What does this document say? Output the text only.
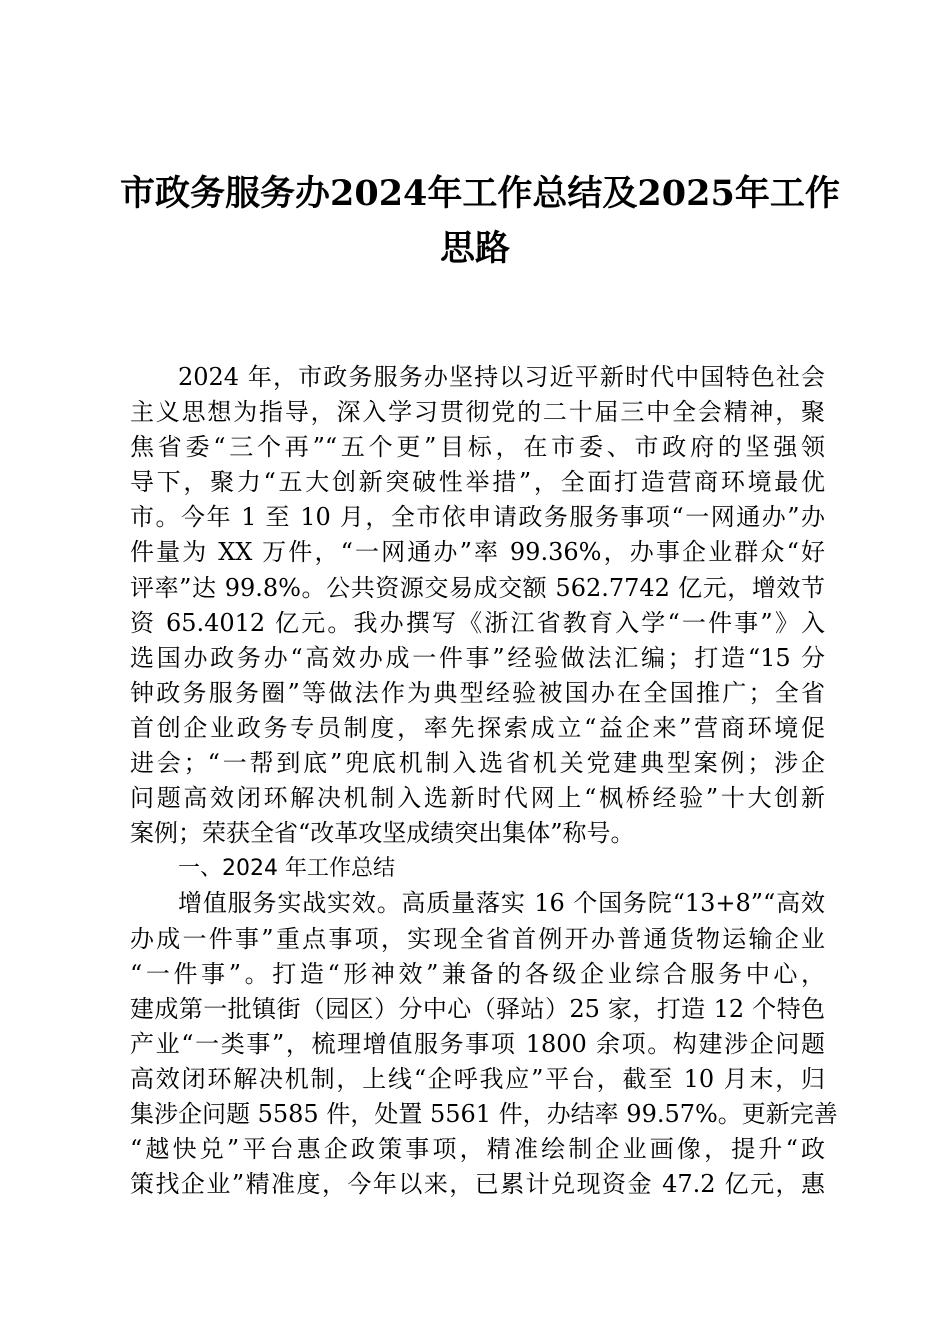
市政务服务办2024年工作总结及2025年工作
思路
2024 年，市政务服务办坚持以习近平新时代中国特色社会
主义思想为指导，深入学习贯彻党的二十届三中全会精神，聚
焦省委“三个再”“五个更”目标，在市委、市政府的坚强领
导下，聚力“五大创新突破性举措”，全面打造营商环境最优
市。今年 1 至 10 月，全市依申请政务服务事项“一网通办”办
件量为 XX 万件，“一网通办”率 99.36%，办事企业群众“好
评率”达 99.8%。公共资源交易成交额 562.7742 亿元，增效节
资 65.4012 亿元。我办撰写《浙江省教育入学“一件事”》入
选国办政务办“高效办成一件事”经验做法汇编；打造“15 分
钟政务服务圈”等做法作为典型经验被国办在全国推广；全省
首创企业政务专员制度，率先探索成立“益企来”营商环境促
进会；“一帮到底”兜底机制入选省机关党建典型案例；涉企
问题高效闭环解决机制入选新时代网上“枫桥经验”十大创新
案例；荣获全省“改革攻坚成绩突出集体”称号。
一、2024 年工作总结
增值服务实战实效。高质量落实 16 个国务院“13+8”“高效
办成一件事”重点事项，实现全省首例开办普通货物运输企业
“一件事”。打造“形神效”兼备的各级企业综合服务中心，
建成第一批镇街（园区）分中心（驿站）25 家，打造 12 个特色
产业“一类事”，梳理增值服务事项 1800 余项。构建涉企问题
高效闭环解决机制，上线“企呼我应”平台，截至 10 月末，归
集涉企问题 5585 件，处置 5561 件，办结率 99.57%。更新完善
“越快兑”平台惠企政策事项，精准绘制企业画像，提升“政
策找企业”精准度，今年以来，已累计兑现资金 47.2 亿元，惠
